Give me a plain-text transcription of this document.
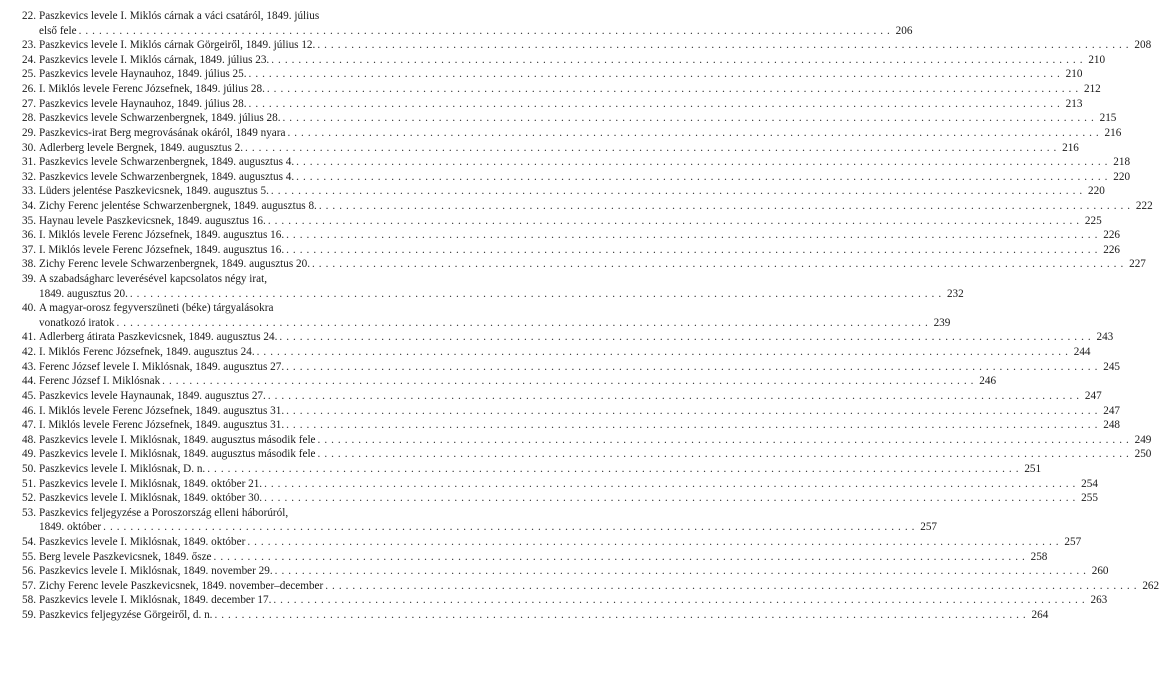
22. Paszkevics levele I. Miklós cárnak a váci csatáról, 1849. július
első fele . . . . . . . . . . . . . . . . . . . . . . . . . . . . . . . . . . . . . . . . . . . . . . . . . . . . . . . . . . . . . . . . . . . . . . . . . . . . . . . . . . . . . . . . . . . . . . . . . . . . . . . . . . . . . . . . . . . . . . . . 206
23. Paszkevics levele I. Miklós cárnak Görgeiről, 1849. július 12. . . . . . . . . . . . . . . . . . . . . . . . . . . . . . . . . . . . . . . . . . . . . . . . . . . . . . . . . . . . . . . . . . . . . . . . . . . . . . . . . . . . . . . . . . . . . . . . . . . . . . . . . . . . . . . . . . . . . . . . . 208
24. Paszkevics levele I. Miklós cárnak, 1849. július 23. . . . . . . . . . . . . . . . . . . . . . . . . . . . . . . . . . . . . . . . . . . . . . . . . . . . . . . . . . . . . . . . . . . . . . . . . . . . . . . . . . . . . . . . . . . . . . . . . . . . . . . . . . . . . . . . . . . . . . . . . 210
25. Paszkevics levele Haynauhoz, 1849. július 25. . . . . . . . . . . . . . . . . . . . . . . . . . . . . . . . . . . . . . . . . . . . . . . . . . . . . . . . . . . . . . . . . . . . . . . . . . . . . . . . . . . . . . . . . . . . . . . . . . . . . . . . . . . . . . . . . . . . . . . . . 210
26. I. Miklós levele Ferenc Józsefnek, 1849. július 28. . . . . . . . . . . . . . . . . . . . . . . . . . . . . . . . . . . . . . . . . . . . . . . . . . . . . . . . . . . . . . . . . . . . . . . . . . . . . . . . . . . . . . . . . . . . . . . . . . . . . . . . . . . . . . . . . . . . . . . . . 212
27. Paszkevics levele Haynauhoz, 1849. július 28. . . . . . . . . . . . . . . . . . . . . . . . . . . . . . . . . . . . . . . . . . . . . . . . . . . . . . . . . . . . . . . . . . . . . . . . . . . . . . . . . . . . . . . . . . . . . . . . . . . . . . . . . . . . . . . . . . . . . . . . . 213
28. Paszkevics levele Schwarzenbergnek, 1849. július 28. . . . . . . . . . . . . . . . . . . . . . . . . . . . . . . . . . . . . . . . . . . . . . . . . . . . . . . . . . . . . . . . . . . . . . . . . . . . . . . . . . . . . . . . . . . . . . . . . . . . . . . . . . . . . . . . . . . . . . . . . 215
29. Paszkevics-irat Berg megrovásának okáról, 1849 nyara . . . . . . . . . . . . . . . . . . . . . . . . . . . . . . . . . . . . . . . . . . . . . . . . . . . . . . . . . . . . . . . . . . . . . . . . . . . . . . . . . . . . . . . . . . . . . . . . . . . . . . . . . . . . . . . . . . . . . . . . 216
30. Adlerberg levele Bergnek, 1849. augusztus 2. . . . . . . . . . . . . . . . . . . . . . . . . . . . . . . . . . . . . . . . . . . . . . . . . . . . . . . . . . . . . . . . . . . . . . . . . . . . . . . . . . . . . . . . . . . . . . . . . . . . . . . . . . . . . . . . . . . . . . . . . 216
31. Paszkevics levele Schwarzenbergnek, 1849. augusztus 4. . . . . . . . . . . . . . . . . . . . . . . . . . . . . . . . . . . . . . . . . . . . . . . . . . . . . . . . . . . . . . . . . . . . . . . . . . . . . . . . . . . . . . . . . . . . . . . . . . . . . . . . . . . . . . . . . . . . . . . . . 218
32. Paszkevics levele Schwarzenbergnek, 1849. augusztus 4. . . . . . . . . . . . . . . . . . . . . . . . . . . . . . . . . . . . . . . . . . . . . . . . . . . . . . . . . . . . . . . . . . . . . . . . . . . . . . . . . . . . . . . . . . . . . . . . . . . . . . . . . . . . . . . . . . . . . . . . . 220
33. Lüders jelentése Paszkevicsnek, 1849. augusztus 5. . . . . . . . . . . . . . . . . . . . . . . . . . . . . . . . . . . . . . . . . . . . . . . . . . . . . . . . . . . . . . . . . . . . . . . . . . . . . . . . . . . . . . . . . . . . . . . . . . . . . . . . . . . . . . . . . . . . . . . . . 220
34. Zichy Ferenc jelentése Schwarzenbergnek, 1849. augusztus 8. . . . . . . . . . . . . . . . . . . . . . . . . . . . . . . . . . . . . . . . . . . . . . . . . . . . . . . . . . . . . . . . . . . . . . . . . . . . . . . . . . . . . . . . . . . . . . . . . . . . . . . . . . . . . . . . . . . . . . . . . 222
35. Haynau levele Paszkevicsnek, 1849. augusztus 16. . . . . . . . . . . . . . . . . . . . . . . . . . . . . . . . . . . . . . . . . . . . . . . . . . . . . . . . . . . . . . . . . . . . . . . . . . . . . . . . . . . . . . . . . . . . . . . . . . . . . . . . . . . . . . . . . . . . . . . . . 225
36. I. Miklós levele Ferenc Józsefnek, 1849. augusztus 16. . . . . . . . . . . . . . . . . . . . . . . . . . . . . . . . . . . . . . . . . . . . . . . . . . . . . . . . . . . . . . . . . . . . . . . . . . . . . . . . . . . . . . . . . . . . . . . . . . . . . . . . . . . . . . . . . . . . . . . . . 226
37. I. Miklós levele Ferenc Józsefnek, 1849. augusztus 16. . . . . . . . . . . . . . . . . . . . . . . . . . . . . . . . . . . . . . . . . . . . . . . . . . . . . . . . . . . . . . . . . . . . . . . . . . . . . . . . . . . . . . . . . . . . . . . . . . . . . . . . . . . . . . . . . . . . . . . . . 226
38. Zichy Ferenc levele Schwarzenbergnek, 1849. augusztus 20. . . . . . . . . . . . . . . . . . . . . . . . . . . . . . . . . . . . . . . . . . . . . . . . . . . . . . . . . . . . . . . . . . . . . . . . . . . . . . . . . . . . . . . . . . . . . . . . . . . . . . . . . . . . . . . . . . . . . . . . . 227
39. A szabadságharc leverésével kapcsolatos négy irat,
1849. augusztus 20. . . . . . . . . . . . . . . . . . . . . . . . . . . . . . . . . . . . . . . . . . . . . . . . . . . . . . . . . . . . . . . . . . . . . . . . . . . . . . . . . . . . . . . . . . . . . . . . . . . . . . . . . . . . . . . . . . . . . . . . . 232
40. A magyar-orosz fegyverszüneti (béke) tárgyalásokra
vonatkozó iratok . . . . . . . . . . . . . . . . . . . . . . . . . . . . . . . . . . . . . . . . . . . . . . . . . . . . . . . . . . . . . . . . . . . . . . . . . . . . . . . . . . . . . . . . . . . . . . . . . . . . . . . . . . . . . . . . . . . . . . . . 239
41. Adlerberg átirata Paszkevicsnek, 1849. augusztus 24. . . . . . . . . . . . . . . . . . . . . . . . . . . . . . . . . . . . . . . . . . . . . . . . . . . . . . . . . . . . . . . . . . . . . . . . . . . . . . . . . . . . . . . . . . . . . . . . . . . . . . . . . . . . . . . . . . . . . . . . . 243
42. I. Miklós Ferenc Józsefnek, 1849. augusztus 24. . . . . . . . . . . . . . . . . . . . . . . . . . . . . . . . . . . . . . . . . . . . . . . . . . . . . . . . . . . . . . . . . . . . . . . . . . . . . . . . . . . . . . . . . . . . . . . . . . . . . . . . . . . . . . . . . . . . . . . . . 244
43. Ferenc József levele I. Miklósnak, 1849. augusztus 27. . . . . . . . . . . . . . . . . . . . . . . . . . . . . . . . . . . . . . . . . . . . . . . . . . . . . . . . . . . . . . . . . . . . . . . . . . . . . . . . . . . . . . . . . . . . . . . . . . . . . . . . . . . . . . . . . . . . . . . . . 245
44. Ferenc József I. Miklósnak . . . . . . . . . . . . . . . . . . . . . . . . . . . . . . . . . . . . . . . . . . . . . . . . . . . . . . . . . . . . . . . . . . . . . . . . . . . . . . . . . . . . . . . . . . . . . . . . . . . . . . . . . . . . . . . . . . . . . . . . 246
45. Paszkevics levele Haynaunak, 1849. augusztus 27. . . . . . . . . . . . . . . . . . . . . . . . . . . . . . . . . . . . . . . . . . . . . . . . . . . . . . . . . . . . . . . . . . . . . . . . . . . . . . . . . . . . . . . . . . . . . . . . . . . . . . . . . . . . . . . . . . . . . . . . . 247
46. I. Miklós levele Ferenc Józsefnek, 1849. augusztus 31. . . . . . . . . . . . . . . . . . . . . . . . . . . . . . . . . . . . . . . . . . . . . . . . . . . . . . . . . . . . . . . . . . . . . . . . . . . . . . . . . . . . . . . . . . . . . . . . . . . . . . . . . . . . . . . . . . . . . . . . . 247
47. I. Miklós levele Ferenc Józsefnek, 1849. augusztus 31. . . . . . . . . . . . . . . . . . . . . . . . . . . . . . . . . . . . . . . . . . . . . . . . . . . . . . . . . . . . . . . . . . . . . . . . . . . . . . . . . . . . . . . . . . . . . . . . . . . . . . . . . . . . . . . . . . . . . . . . . 248
48. Paszkevics levele I. Miklósnak, 1849. augusztus második fele . . . . . . . . . . . . . . . . . . . . . . . . . . . . . . . . . . . . . . . . . . . . . . . . . . . . . . . . . . . . . . . . . . . . . . . . . . . . . . . . . . . . . . . . . . . . . . . . . . . . . . . . . . . . . . . . . . . . . . . . 249
49. Paszkevics levele I. Miklósnak, 1849. augusztus második fele . . . . . . . . . . . . . . . . . . . . . . . . . . . . . . . . . . . . . . . . . . . . . . . . . . . . . . . . . . . . . . . . . . . . . . . . . . . . . . . . . . . . . . . . . . . . . . . . . . . . . . . . . . . . . . . . . . . . . . . . 250
50. Paszkevics levele I. Miklósnak, D. n. . . . . . . . . . . . . . . . . . . . . . . . . . . . . . . . . . . . . . . . . . . . . . . . . . . . . . . . . . . . . . . . . . . . . . . . . . . . . . . . . . . . . . . . . . . . . . . . . . . . . . . . . . . . . . . . . . . . . . . . . 251
51. Paszkevics levele I. Miklósnak, 1849. október 21. . . . . . . . . . . . . . . . . . . . . . . . . . . . . . . . . . . . . . . . . . . . . . . . . . . . . . . . . . . . . . . . . . . . . . . . . . . . . . . . . . . . . . . . . . . . . . . . . . . . . . . . . . . . . . . . . . . . . . . . . 254
52. Paszkevics levele I. Miklósnak, 1849. október 30. . . . . . . . . . . . . . . . . . . . . . . . . . . . . . . . . . . . . . . . . . . . . . . . . . . . . . . . . . . . . . . . . . . . . . . . . . . . . . . . . . . . . . . . . . . . . . . . . . . . . . . . . . . . . . . . . . . . . . . . . 255
53. Paszkevics feljegyzése a Poroszország elleni háborúról,
1849. október . . . . . . . . . . . . . . . . . . . . . . . . . . . . . . . . . . . . . . . . . . . . . . . . . . . . . . . . . . . . . . . . . . . . . . . . . . . . . . . . . . . . . . . . . . . . . . . . . . . . . . . . . . . . . . . . . . . . . . . . 257
54. Paszkevics levele I. Miklósnak, 1849. október . . . . . . . . . . . . . . . . . . . . . . . . . . . . . . . . . . . . . . . . . . . . . . . . . . . . . . . . . . . . . . . . . . . . . . . . . . . . . . . . . . . . . . . . . . . . . . . . . . . . . . . . . . . . . . . . . . . . . . . . 257
55. Berg levele Paszkevicsnek, 1849. ősze . . . . . . . . . . . . . . . . . . . . . . . . . . . . . . . . . . . . . . . . . . . . . . . . . . . . . . . . . . . . . . . . . . . . . . . . . . . . . . . . . . . . . . . . . . . . . . . . . . . . . . . . . . . . . . . . . . . . . . . . 258
56. Paszkevics levele I. Miklósnak, 1849. november 29. . . . . . . . . . . . . . . . . . . . . . . . . . . . . . . . . . . . . . . . . . . . . . . . . . . . . . . . . . . . . . . . . . . . . . . . . . . . . . . . . . . . . . . . . . . . . . . . . . . . . . . . . . . . . . . . . . . . . . . . . 260
57. Zichy Ferenc levele Paszkevicsnek, 1849. november–december . . . . . . . . . . . . . . . . . . . . . . . . . . . . . . . . . . . . . . . . . . . . . . . . . . . . . . . . . . . . . . . . . . . . . . . . . . . . . . . . . . . . . . . . . . . . . . . . . . . . . . . . . . . . . . . . . . . . . . . . 262
58. Paszkevics levele I. Miklósnak, 1849. december 17. . . . . . . . . . . . . . . . . . . . . . . . . . . . . . . . . . . . . . . . . . . . . . . . . . . . . . . . . . . . . . . . . . . . . . . . . . . . . . . . . . . . . . . . . . . . . . . . . . . . . . . . . . . . . . . . . . . . . . . . . 263
59. Paszkevics feljegyzése Görgeiről, d. n. . . . . . . . . . . . . . . . . . . . . . . . . . . . . . . . . . . . . . . . . . . . . . . . . . . . . . . . . . . . . . . . . . . . . . . . . . . . . . . . . . . . . . . . . . . . . . . . . . . . . . . . . . . . . . . . . . . . . . . . . 264
